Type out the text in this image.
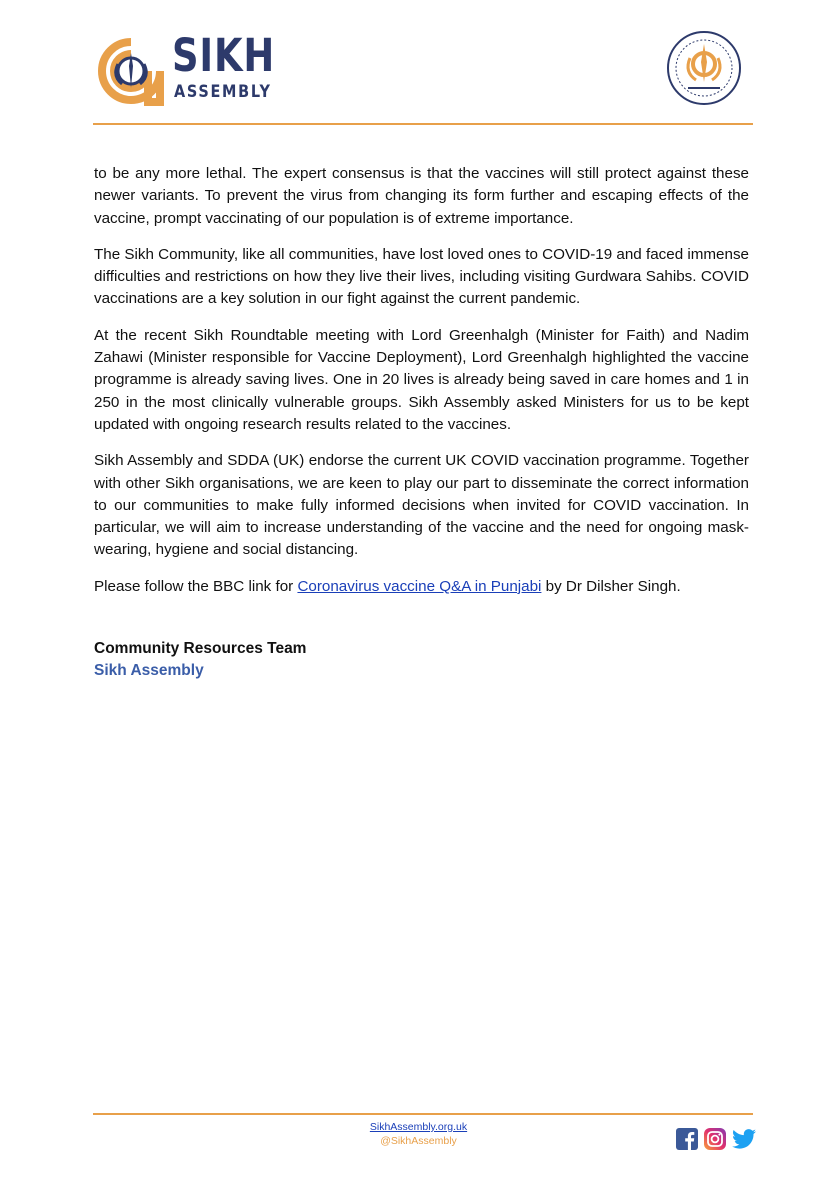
SIKH
ASSEMBLY

to be any more lethal. The expert consensus is that the vaccines will still protect against these newer variants. To prevent the virus from changing its form further and escaping effects of the vaccine, prompt vaccinating of our population is of extreme importance.

The Sikh Community, like all communities, have lost loved ones to COVID-19 and faced immense difficulties and restrictions on how they live their lives, including visiting Gurdwara Sahibs. COVID vaccinations are a key solution in our fight against the current pandemic.

At the recent Sikh Roundtable meeting with Lord Greenhalgh (Minister for Faith) and Nadim Zahawi (Minister responsible for Vaccine Deployment), Lord Greenhalgh highlighted the vaccine programme is already saving lives. One in 20 lives is already being saved in care homes and 1 in 250 in the most clinically vulnerable groups. Sikh Assembly asked Ministers for us to be kept updated with ongoing research results related to the vaccines.

Sikh Assembly and SDDA (UK) endorse the current UK COVID vaccination programme. Together with other Sikh organisations, we are keen to play our part to disseminate the correct information to our communities to make fully informed decisions when invited for COVID vaccination. In particular, we will aim to increase understanding of the vaccine and the need for ongoing mask-wearing, hygiene and social distancing.

Please follow the BBC link for Coronavirus vaccine Q&A in Punjabi by Dr Dilsher Singh.

Community Resources Team
Sikh Assembly
SikhAssembly.org.uk
@SikhAssembly
